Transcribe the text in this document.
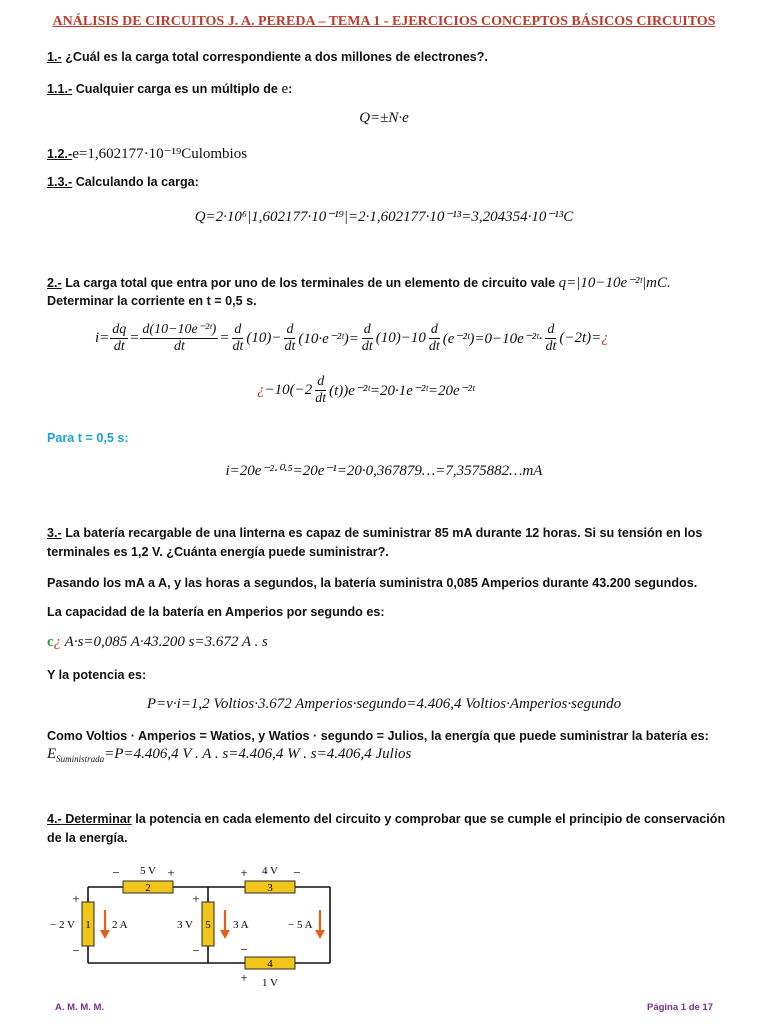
ANÁLISIS DE CIRCUITOS J. A. PEREDA – TEMA 1 - EJERCICIOS CONCEPTOS BÁSICOS CIRCUITOS
1.- ¿Cuál es la carga total correspondiente a dos millones de electrones?.
1.1.- Cualquier carga es un múltiplo de e:
Q=±N·e
1.2.-e=1,602177·10⁻¹⁹Culombios
1.3.- Calculando la carga:
Q=2·10⁶|1,602177·10⁻¹⁹|=2·1,602177·10⁻¹³=3,204354·10⁻¹³C
2.- La carga total que entra por uno de los terminales de un elemento de circuito vale q=|10−10e⁻²ᵗ|mC.
Determinar la corriente en t = 0,5 s.
$i= \frac{dq}{dt} = \frac{\text{d(10−10e⁻²ᵗ)}}{dt} = \frac{d}{dt} (10)- \frac{d}{dt}$ (10·e⁻²ᵗ)= $\frac{d}{dt} (10)-10 \frac{d}{dt}$ (e⁻²ᵗ)=0−10e⁻²ᵗ· $\frac{d}{dt} (-2t)=$ ¿
¿ $-10(-2 \frac{d}{dt}$ (t))e⁻²ᵗ=20·1e⁻²ᵗ=20e⁻²ᵗ
Para t = 0,5 s:
i=20e⁻²·⁰·⁵=20e⁻¹=20·0,367879…=7,3575882…mA
3.- La batería recargable de una linterna es capaz de suministrar 85 mA durante 12 horas. Si su tensión en los
terminales es 1,2 V. ¿Cuánta energía puede suministrar?.
Pasando los mA a A, y las horas a segundos, la batería suministra 0,085 Amperios durante 43.200 segundos.
La capacidad de la batería en Amperios por segundo es:
c¿ A·s=0,085 A·43.200 s=3.672 A . s
Y la potencia es:
P=v·i=1,2 Voltios·3.672 Amperios·segundo=4.406,4 Voltios·Amperios·segundo
Como Voltios · Amperios = Watios, y Watios · segundo = Julios, la energía que puede suministrar la batería es:
$E_{Suministrada}=P=4.406,4$ V . A . s=4.406,4 W . s=4.406,4 Julios
4.- Determinar la potencia en cada elemento del circuito y comprobar que se cumple el principio de conservación
de la energía.
2	3
1	5
4
5 V	4 V
− 2 V	3 V
1 V
2 A	3 A	− 5 A
−	+	+	−
+
−
+
−	−
+
A. M. M. M.	Página 1 de 17
